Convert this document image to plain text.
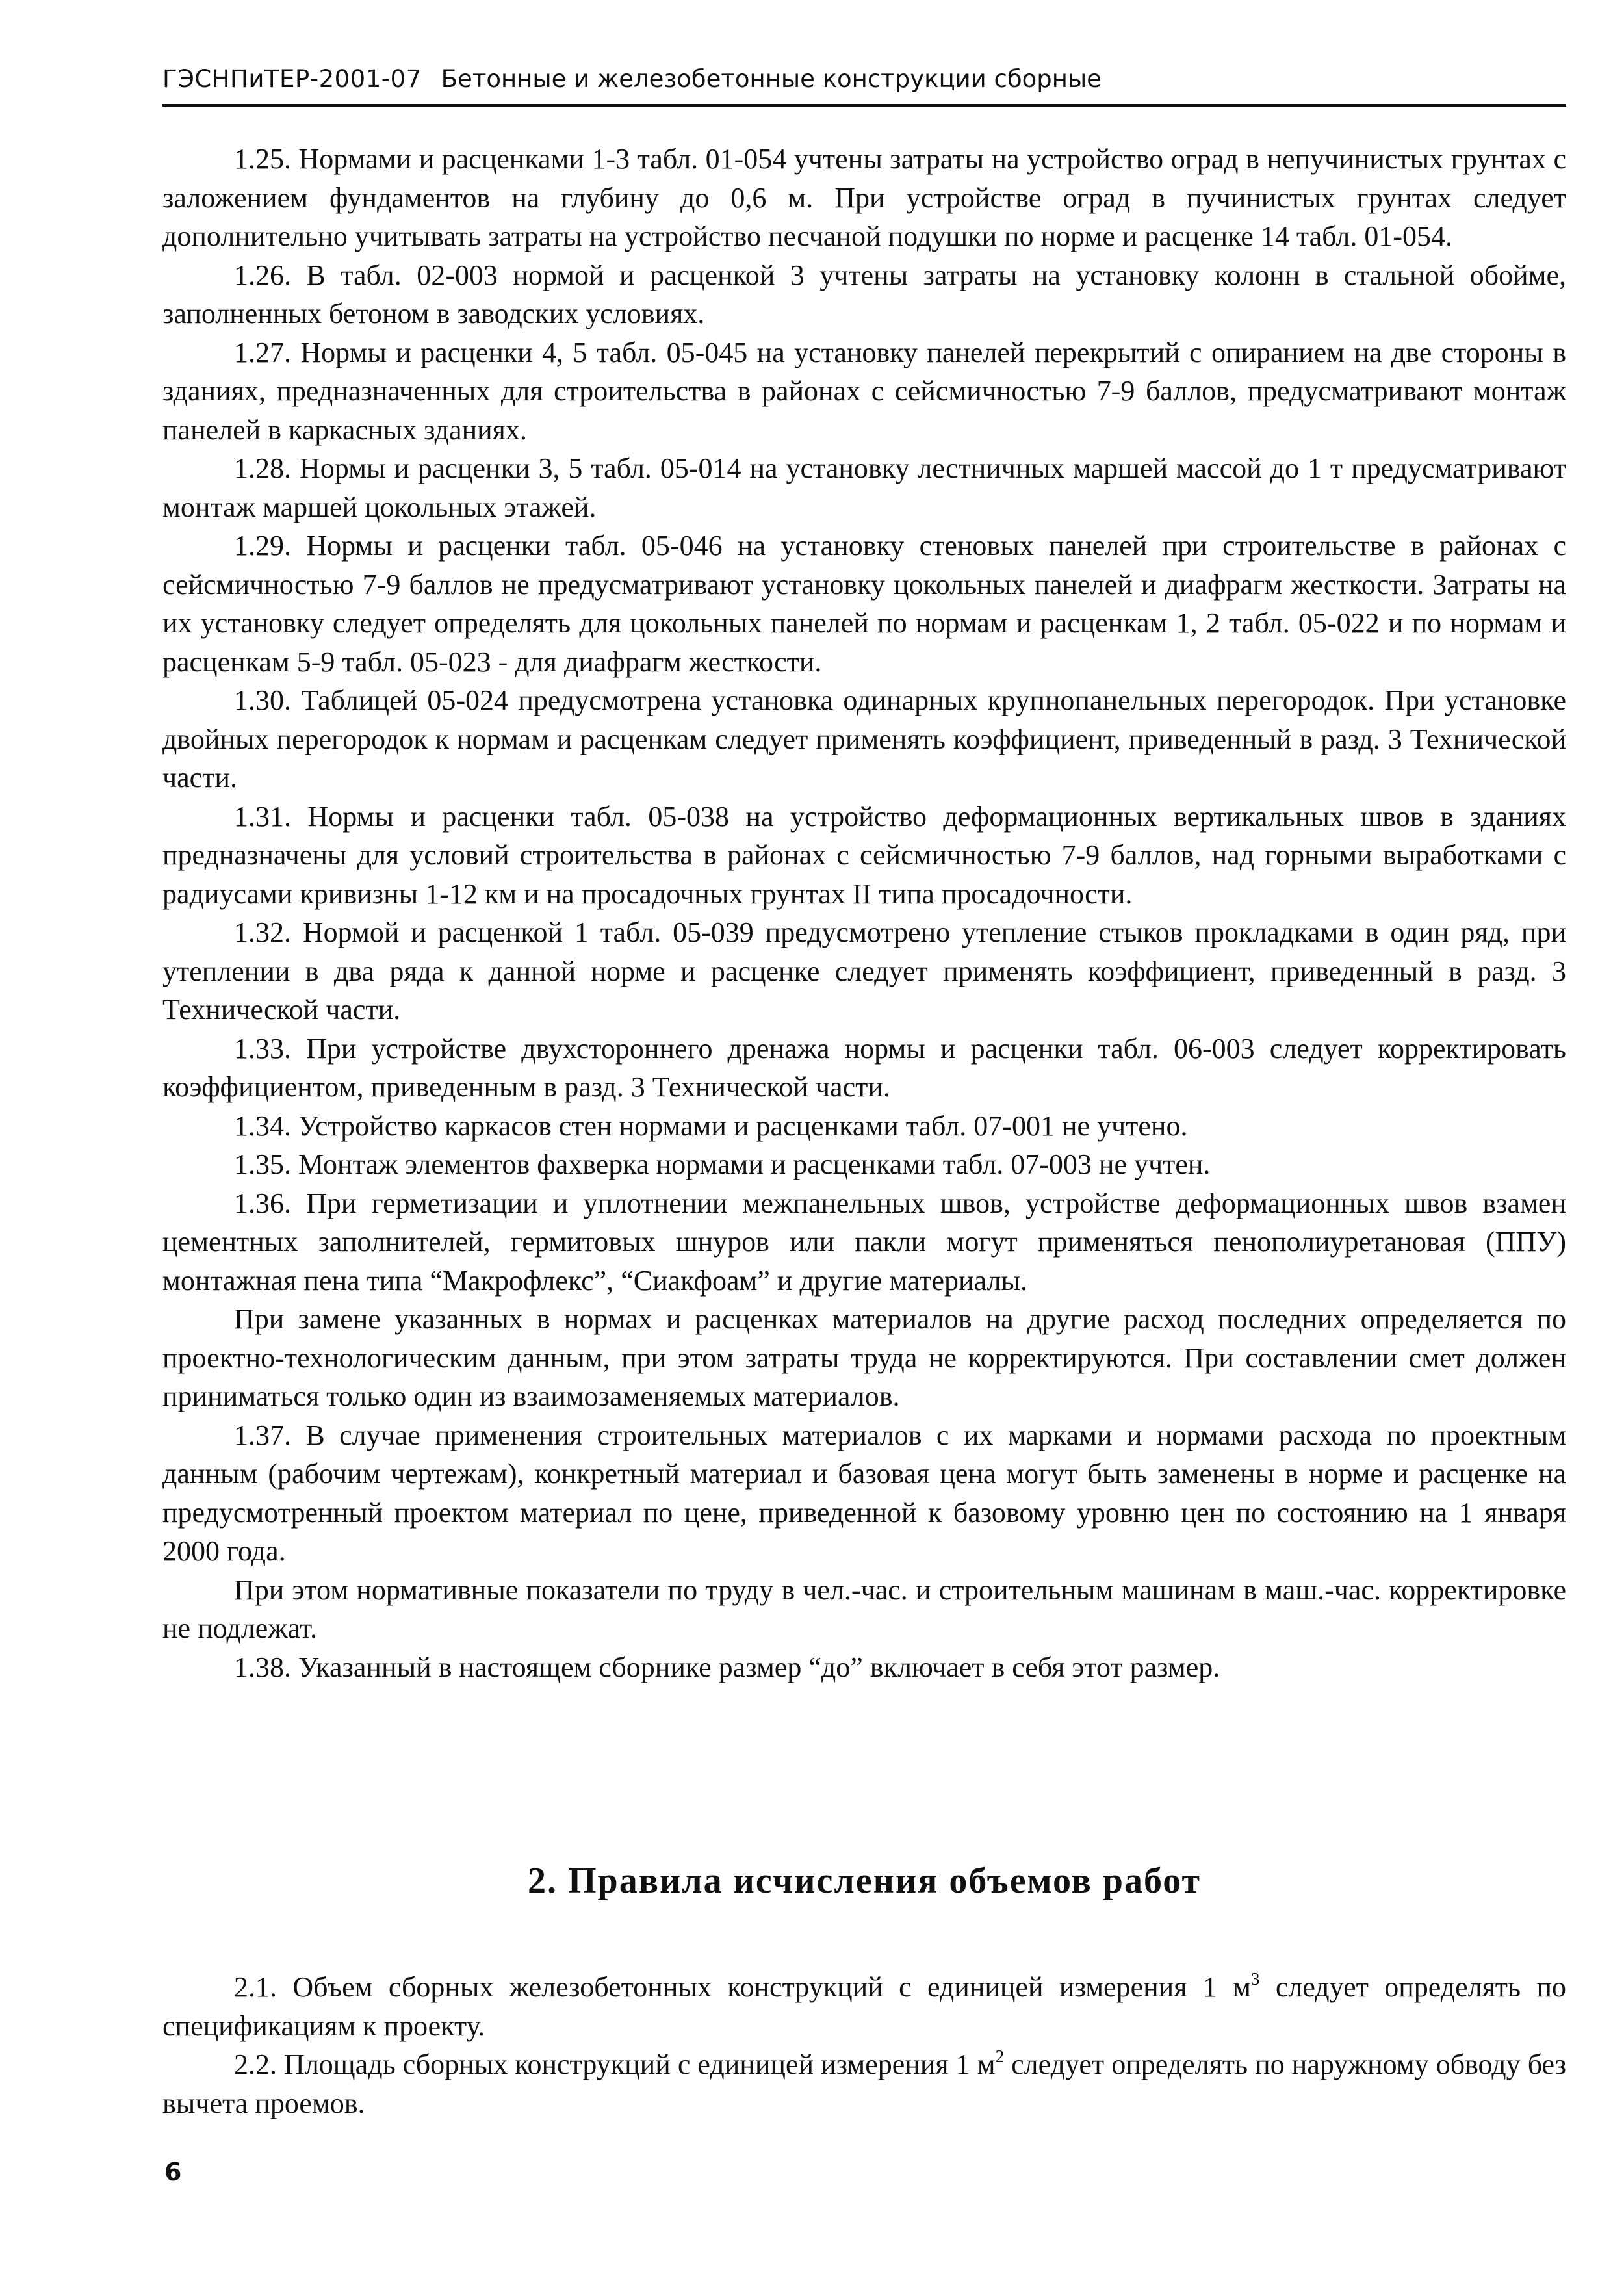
ГЭСНПиТЕР-2001-07 Бетонные и железобетонные конструкции сборные

1.25. Нормами и расценками 1-3 табл. 01-054 учтены затраты на устройство оград в непучинистых грунтах с заложением фундаментов на глубину до 0,6 м. При устройстве оград в пучинистых грунтах следует дополнительно учитывать затраты на устройство песчаной подушки по норме и расценке 14 табл. 01-054.

1.26. В табл. 02-003 нормой и расценкой 3 учтены затраты на установку колонн в стальной обойме, заполненных бетоном в заводских условиях.

1.27. Нормы и расценки 4, 5 табл. 05-045 на установку панелей перекрытий с опиранием на две стороны в зданиях, предназначенных для строительства в районах с сейсмичностью 7-9 баллов, предусматривают монтаж панелей в каркасных зданиях.

1.28. Нормы и расценки 3, 5 табл. 05-014 на установку лестничных маршей массой до 1 т предусматривают монтаж маршей цокольных этажей.

1.29. Нормы и расценки табл. 05-046 на установку стеновых панелей при строительстве в районах с сейсмичностью 7-9 баллов не предусматривают установку цокольных панелей и диафрагм жесткости. Затраты на их установку следует определять для цокольных панелей по нормам и расценкам 1, 2 табл. 05-022 и по нормам и расценкам 5-9 табл. 05-023 - для диафрагм жесткости.

1.30. Таблицей 05-024 предусмотрена установка одинарных крупнопанельных перегородок. При установке двойных перегородок к нормам и расценкам следует применять коэффициент, приведенный в разд. 3 Технической части.

1.31. Нормы и расценки табл. 05-038 на устройство деформационных вертикальных швов в зданиях предназначены для условий строительства в районах с сейсмичностью 7-9 баллов, над горными выработками с радиусами кривизны 1-12 км и на просадочных грунтах II типа просадочности.

1.32. Нормой и расценкой 1 табл. 05-039 предусмотрено утепление стыков прокладками в один ряд, при утеплении в два ряда к данной норме и расценке следует применять коэффициент, приведенный в разд. 3 Технической части.

1.33. При устройстве двухстороннего дренажа нормы и расценки табл. 06-003 следует корректировать коэффициентом, приведенным в разд. 3 Технической части.

1.34. Устройство каркасов стен нормами и расценками табл. 07-001 не учтено.

1.35. Монтаж элементов фахверка нормами и расценками табл. 07-003 не учтен.

1.36. При герметизации и уплотнении межпанельных швов, устройстве деформационных швов взамен цементных заполнителей, гермитовых шнуров или пакли могут применяться пенополиуретановая (ППУ) монтажная пена типа “Макрофлекс”, “Сиакфоам” и другие материалы.

При замене указанных в нормах и расценках материалов на другие расход последних определяется по проектно-технологическим данным, при этом затраты труда не корректируются. При составлении смет должен приниматься только один из взаимозаменяемых материалов.

1.37. В случае применения строительных материалов с их марками и нормами расхода по проектным данным (рабочим чертежам), конкретный материал и базовая цена могут быть заменены в норме и расценке на предусмотренный проектом материал по цене, приведенной к базовому уровню цен по состоянию на 1 января 2000 года.

При этом нормативные показатели по труду в чел.-час. и строительным машинам в маш.-час. корректировке не подлежат.

1.38. Указанный в настоящем сборнике размер “до” включает в себя этот размер.

2. Правила исчисления объемов работ

2.1. Объем сборных железобетонных конструкций с единицей измерения 1 $м^3$ следует определять по спецификациям к проекту.

2.2. Площадь сборных конструкций с единицей измерения 1 $м^2$ следует определять по наружному обводу без вычета проемов.

6
